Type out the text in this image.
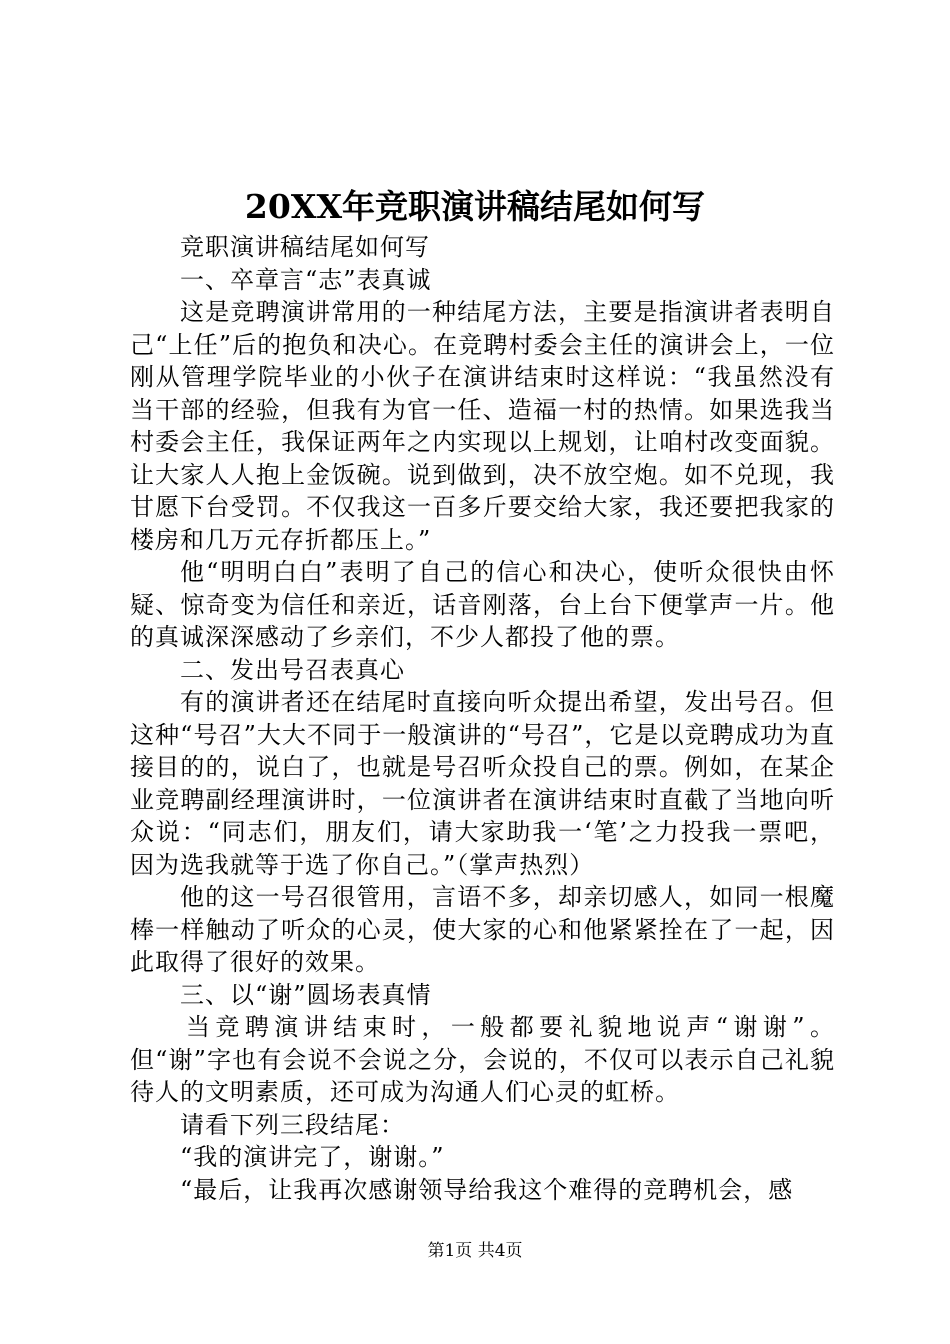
20XX年竞职演讲稿结尾如何写

竞职演讲稿结尾如何写

一、卒章言“志”表真诚

这是竞聘演讲常用的一种结尾方法，主要是指演讲者表明自己“上任”后的抱负和决心。在竞聘村委会主任的演讲会上，一位刚从管理学院毕业的小伙子在演讲结束时这样说：“我虽然没有当干部的经验，但我有为官一任、造福一村的热情。如果选我当村委会主任，我保证两年之内实现以上规划，让咱村改变面貌。让大家人人抱上金饭碗。说到做到，决不放空炮。如不兑现，我甘愿下台受罚。不仅我这一百多斤要交给大家，我还要把我家的楼房和几万元存折都压上。”

他“明明白白”表明了自己的信心和决心，使听众很快由怀疑、惊奇变为信任和亲近，话音刚落，台上台下便掌声一片。他的真诚深深感动了乡亲们，不少人都投了他的票。

二、发出号召表真心

有的演讲者还在结尾时直接向听众提出希望，发出号召。但这种“号召”大大不同于一般演讲的“号召”，它是以竞聘成功为直接目的的，说白了，也就是号召听众投自己的票。例如，在某企业竞聘副经理演讲时，一位演讲者在演讲结束时直截了当地向听众说：“同志们，朋友们，请大家助我一‘笔’之力投我一票吧，因为选我就等于选了你自己。”（掌声热烈）

他的这一号召很管用，言语不多，却亲切感人，如同一根魔棒一样触动了听众的心灵，使大家的心和他紧紧拴在了一起，因此取得了很好的效果。

三、以“谢”圆场表真情

当竞聘演讲结束时，一般都要礼貌地说声“谢谢”。但“谢”字也有会说不会说之分，会说的，不仅可以表示自己礼貌待人的文明素质，还可成为沟通人们心灵的虹桥。

请看下列三段结尾：

“我的演讲完了，谢谢。”

“最后，让我再次感谢领导给我这个难得的竞聘机会，感

第1页 共4页
